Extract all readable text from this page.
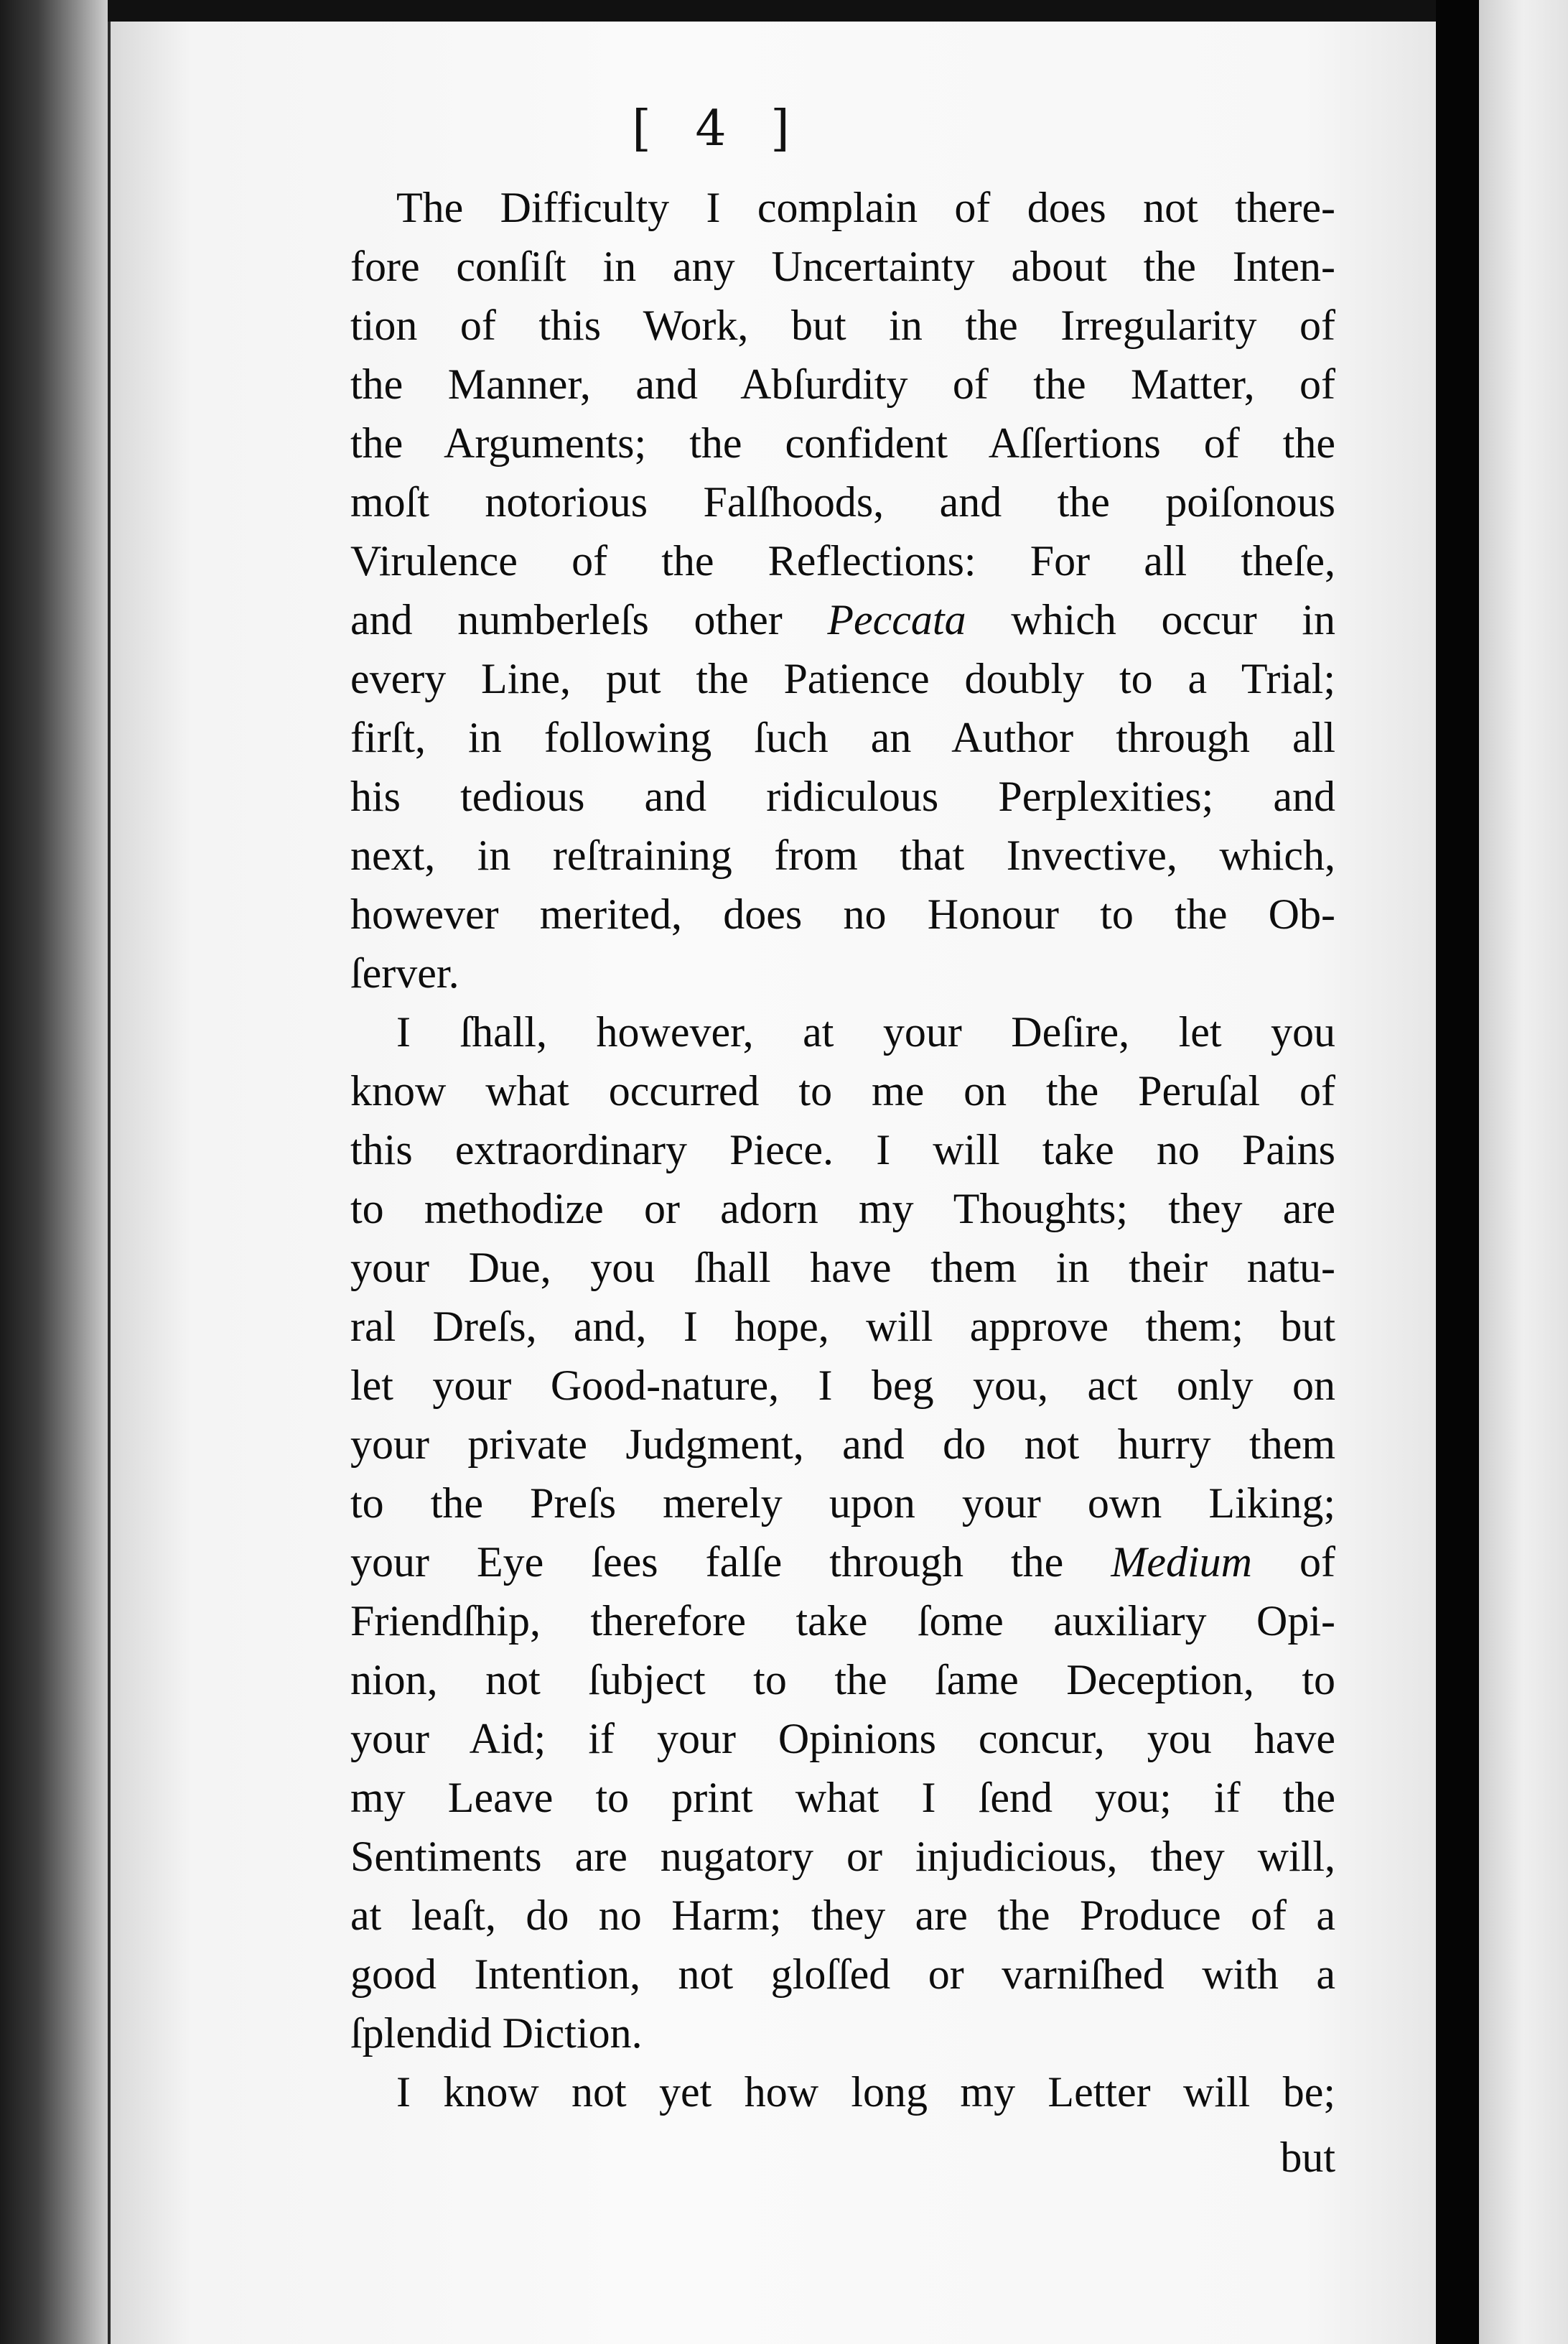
[ 4 ]

The Difficulty I complain of does not there-
fore conſiſt in any Uncertainty about the Inten-
tion of this Work, but in the Irregularity of
the Manner, and Abſurdity of the Matter, of
the Arguments; the confident Aſſertions of the
moſt notorious Falſhoods, and the poiſonous
Virulence of the Reflections: For all theſe,
and numberleſs other Peccata which occur in
every Line, put the Patience doubly to a Trial;
firſt, in following ſuch an Author through all
his tedious and ridiculous Perplexities; and
next, in reſtraining from that Invective, which,
however merited, does no Honour to the Ob-
ſerver.

I ſhall, however, at your Deſire, let you
know what occurred to me on the Peruſal of
this extraordinary Piece. I will take no Pains
to methodize or adorn my Thoughts; they are
your Due, you ſhall have them in their natu-
ral Dreſs, and, I hope, will approve them; but
let your Good-nature, I beg you, act only on
your private Judgment, and do not hurry them
to the Preſs merely upon your own Liking;
your Eye ſees falſe through the Medium of
Friendſhip, therefore take ſome auxiliary Opi-
nion, not ſubject to the ſame Deception, to
your Aid; if your Opinions concur, you have
my Leave to print what I ſend you; if the
Sentiments are nugatory or injudicious, they will,
at leaſt, do no Harm; they are the Produce of a
good Intention, not gloſſed or varniſhed with a
ſplendid Diction.

I know not yet how long my Letter will be;

but
